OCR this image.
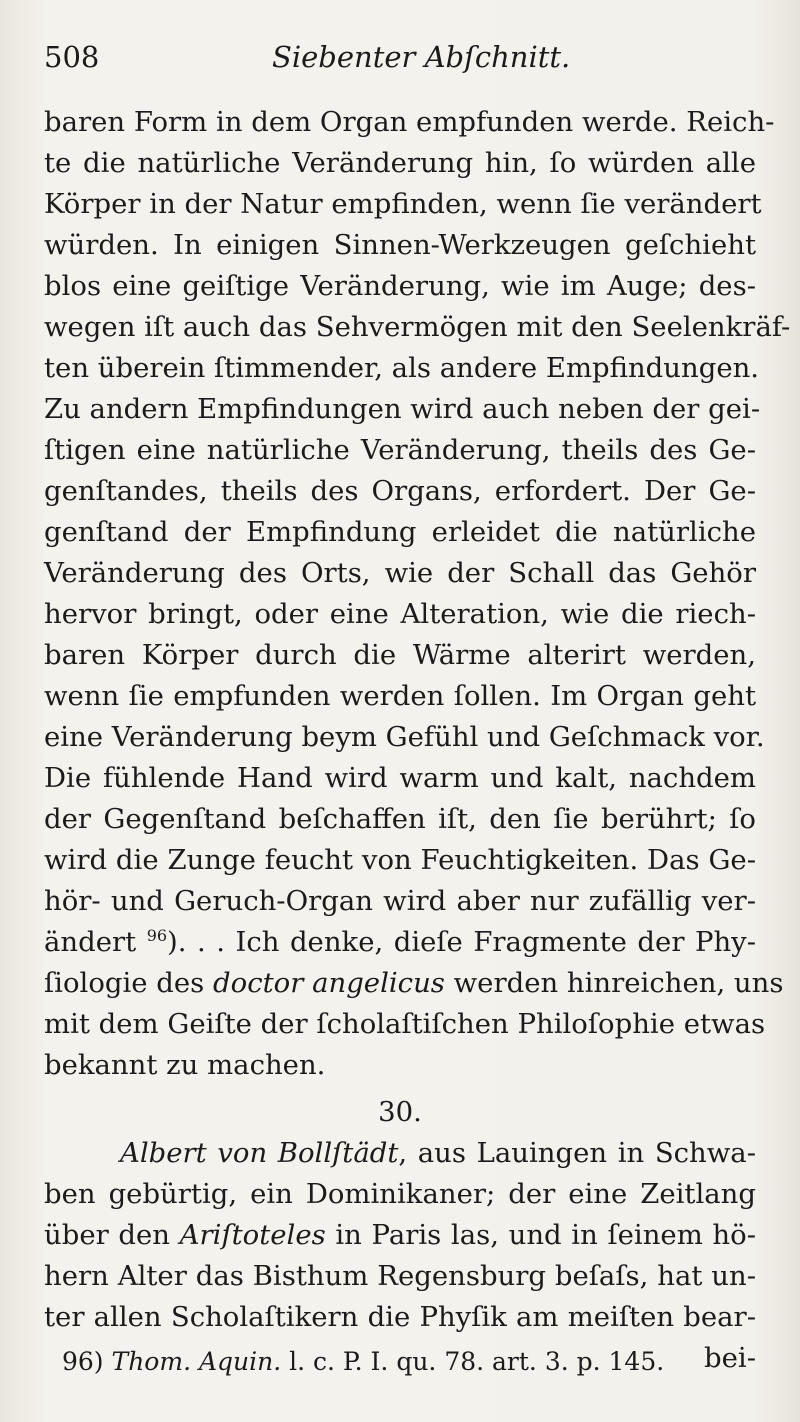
508	Siebenter Abſchnitt.
baren Form in dem Organ empfunden werde. Reich-
te die natürliche Veränderung hin, ſo würden alle
Körper in der Natur empfinden, wenn ſie verändert
würden. In einigen Sinnen-Werkzeugen geſchieht
blos eine geiſtige Veränderung, wie im Auge; des-
wegen iſt auch das Sehvermögen mit den Seelenkräf-
ten überein ſtimmender, als andere Empfindungen.
Zu andern Empfindungen wird auch neben der gei-
ſtigen eine natürliche Veränderung, theils des Ge-
genſtandes, theils des Organs, erfordert. Der Ge-
genſtand der Empfindung erleidet die natürliche
Veränderung des Orts, wie der Schall das Gehör
hervor bringt, oder eine Alteration, wie die riech-
baren Körper durch die Wärme alterirt werden,
wenn ſie empfunden werden ſollen. Im Organ geht
eine Veränderung beym Gefühl und Geſchmack vor.
Die fühlende Hand wird warm und kalt, nachdem
der Gegenſtand beſchaffen iſt, den ſie berührt; ſo
wird die Zunge feucht von Feuchtigkeiten. Das Ge-
hör- und Geruch-Organ wird aber nur zufällig ver-
ändert $^{96}$). . . Ich denke, dieſe Fragmente der Phy-
ſiologie des doctor angelicus werden hinreichen, uns
mit dem Geiſte der ſcholaſtiſchen Philoſophie etwas
bekannt zu machen.
30.
Albert von Bollſtädt, aus Lauingen in Schwa-
ben gebürtig, ein Dominikaner; der eine Zeitlang
über den Ariſtoteles in Paris las, und in ſeinem hö-
hern Alter das Bisthum Regensburg beſaſs, hat un-
ter allen Scholaſtikern die Phyſik am meiſten bear-
bei-
96) Thom. Aquin. l. c. P. I. qu. 78. art. 3. p. 145.
